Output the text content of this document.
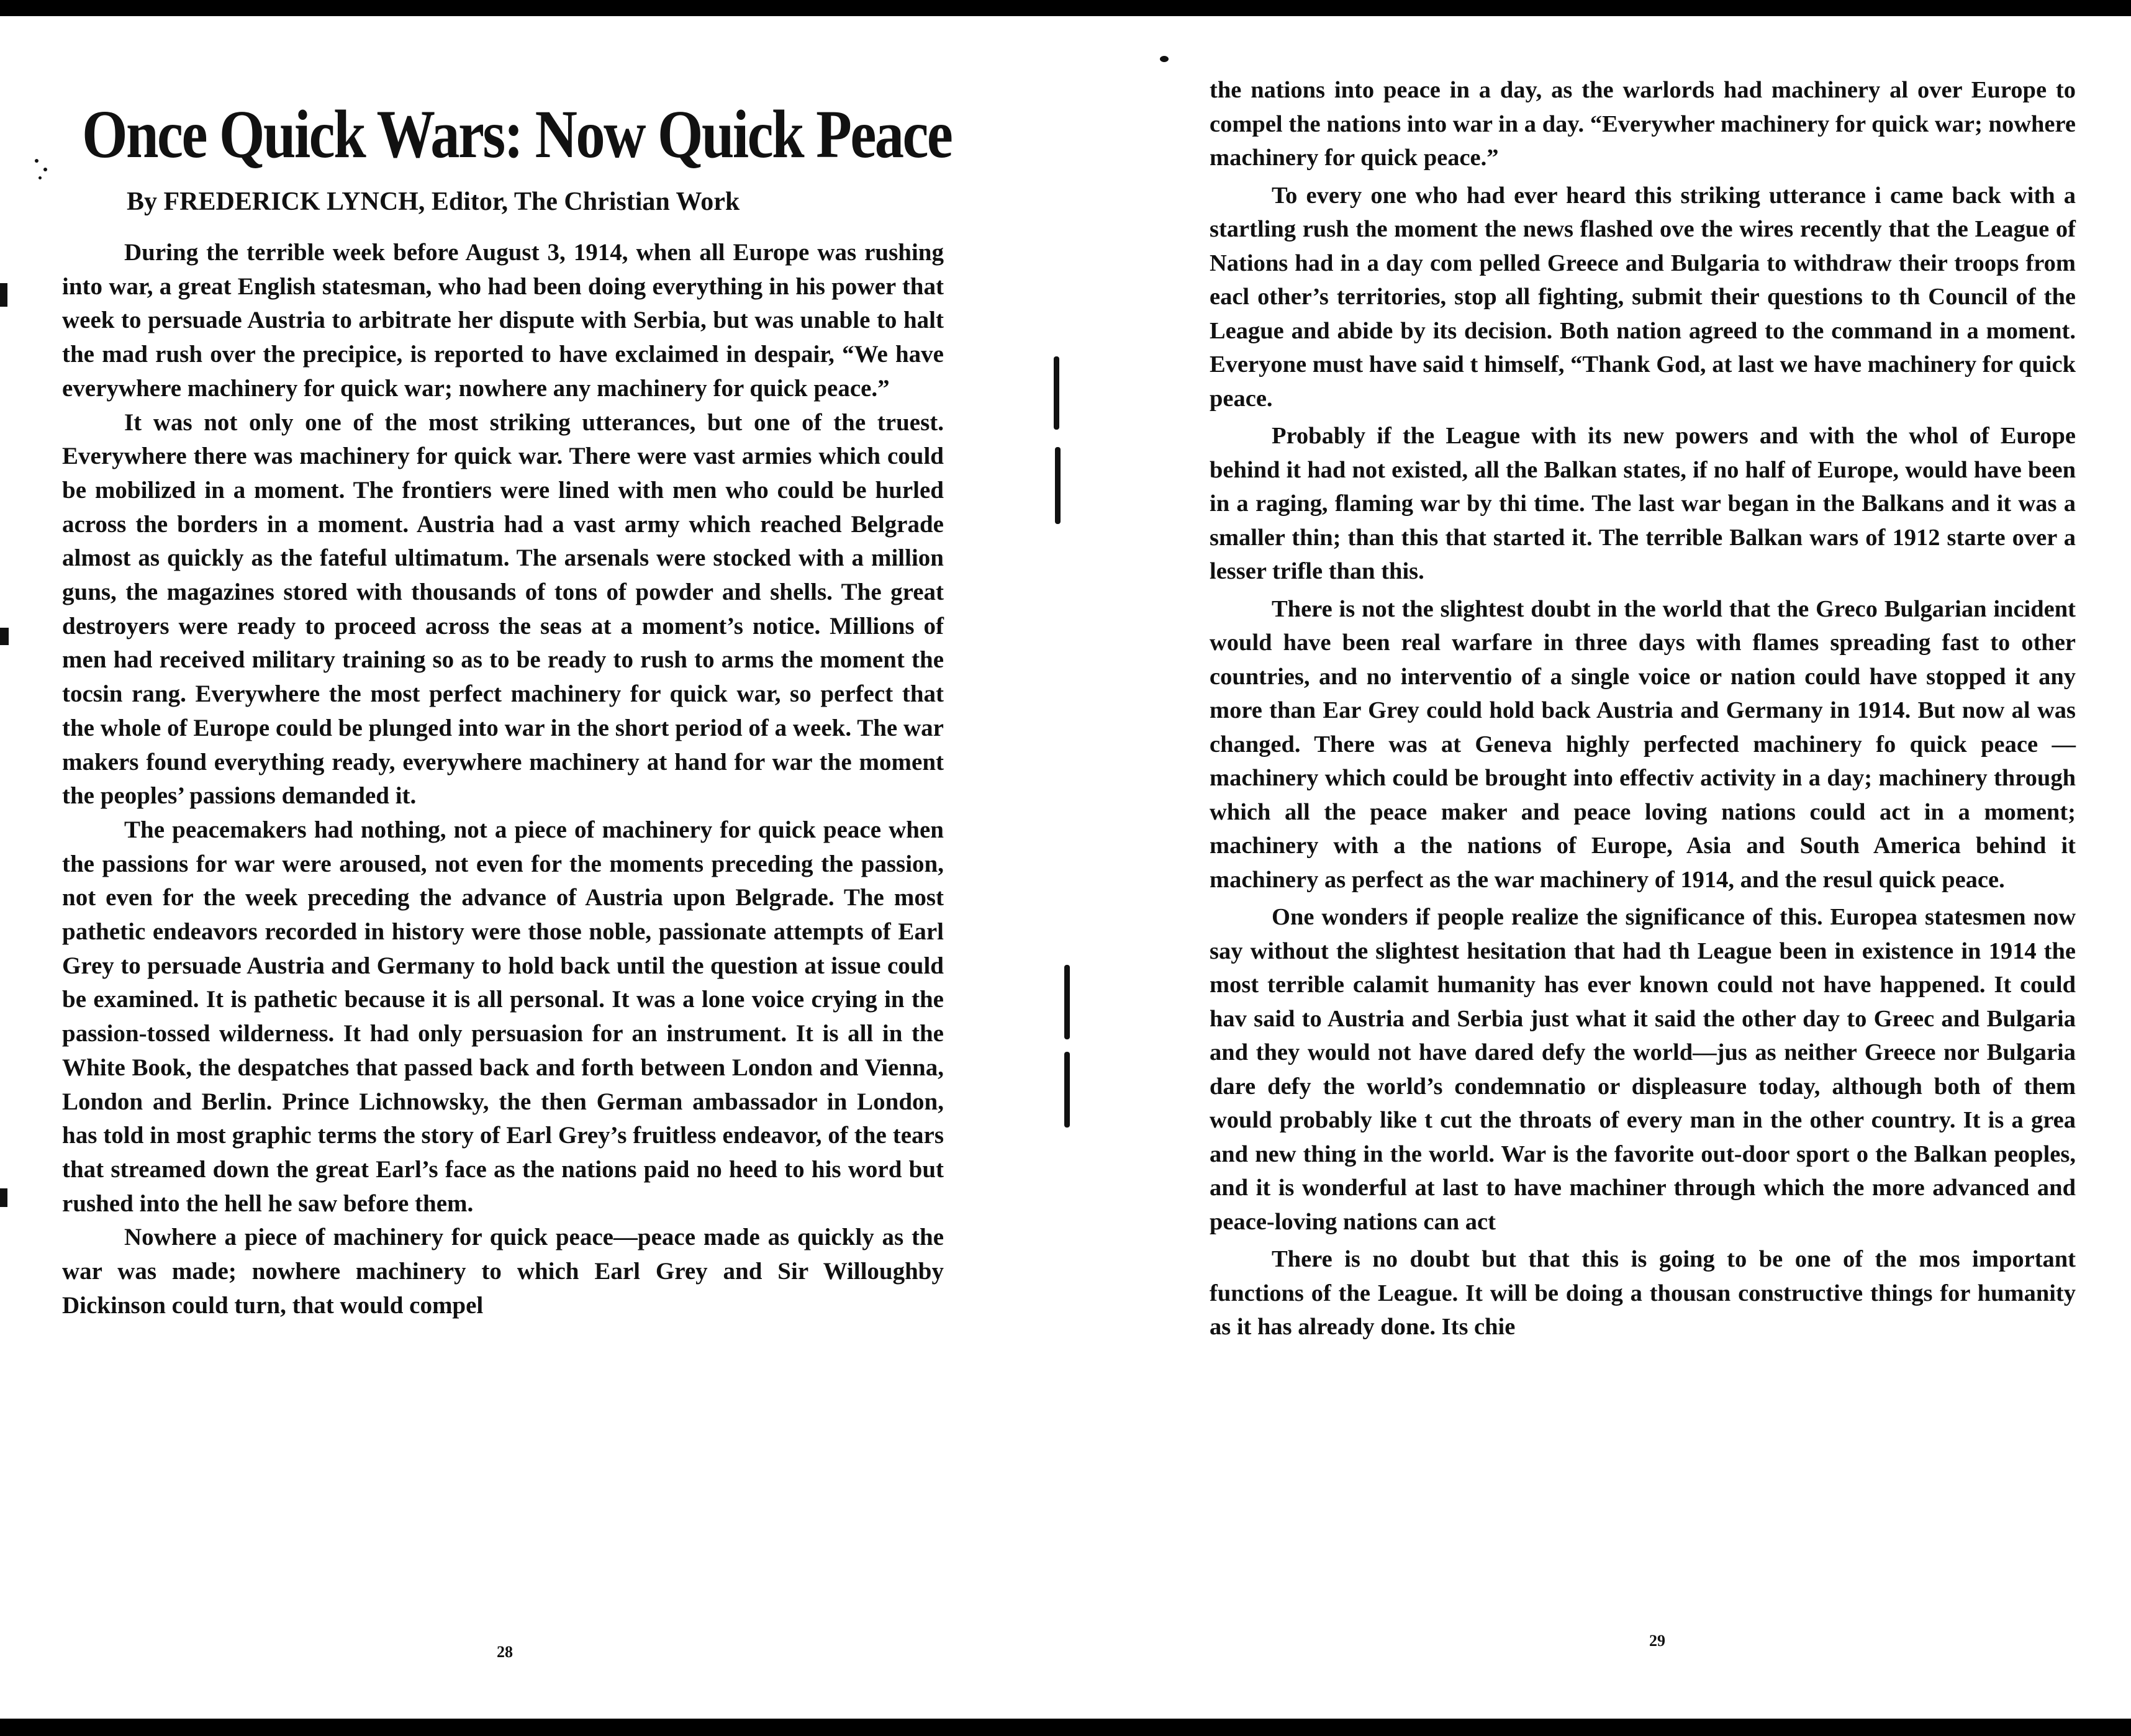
Once Quick Wars: Now Quick Peace
By FREDERICK LYNCH, Editor, The Christian Work

During the terrible week before August 3, 1914, when all Europe was rushing into war, a great English statesman, who had been doing everything in his power that week to persuade Austria to arbitrate her dispute with Serbia, but was unable to halt the mad rush over the precipice, is reported to have exclaimed in despair, “We have everywhere machinery for quick war; nowhere any machinery for quick peace.”

It was not only one of the most striking utterances, but one of the truest. Everywhere there was machinery for quick war. There were vast armies which could be mobilized in a moment. The frontiers were lined with men who could be hurled across the borders in a moment. Austria had a vast army which reached Belgrade almost as quickly as the fateful ultimatum. The arsenals were stocked with a million guns, the magazines stored with thousands of tons of powder and shells. The great destroyers were ready to proceed across the seas at a moment’s notice. Millions of men had received military training so as to be ready to rush to arms the moment the tocsin rang. Everywhere the most perfect machinery for quick war, so perfect that the whole of Europe could be plunged into war in the short period of a week. The war makers found everything ready, everywhere machinery at hand for war the moment the peoples’ passions demanded it.

The peacemakers had nothing, not a piece of machinery for quick peace when the passions for war were aroused, not even for the moments preceding the passion, not even for the week preceding the advance of Austria upon Belgrade. The most pathetic endeavors recorded in history were those noble, passionate attempts of Earl Grey to persuade Austria and Germany to hold back until the question at issue could be examined. It is pathetic because it is all personal. It was a lone voice crying in the passion-tossed wilderness. It had only persuasion for an instrument. It is all in the White Book, the despatches that passed back and forth between London and Vienna, London and Berlin. Prince Lichnowsky, the then German ambassador in London, has told in most graphic terms the story of Earl Grey’s fruitless endeavor, of the tears that streamed down the great Earl’s face as the nations paid no heed to his word but rushed into the hell he saw before them.

Nowhere a piece of machinery for quick peace—peace made as quickly as the war was made; nowhere machinery to which Earl Grey and Sir Willoughby Dickinson could turn, that would compel

the nations into peace in a day, as the warlords had machinery al over Europe to compel the nations into war in a day. “Everywher machinery for quick war; nowhere machinery for quick peace.”

To every one who had ever heard this striking utterance i came back with a startling rush the moment the news flashed ove the wires recently that the League of Nations had in a day com pelled Greece and Bulgaria to withdraw their troops from eacl other’s territories, stop all fighting, submit their questions to th Council of the League and abide by its decision. Both nation agreed to the command in a moment. Everyone must have said t himself, “Thank God, at last we have machinery for quick peace.

Probably if the League with its new powers and with the whol of Europe behind it had not existed, all the Balkan states, if no half of Europe, would have been in a raging, flaming war by thi time. The last war began in the Balkans and it was a smaller thin; than this that started it. The terrible Balkan wars of 1912 starte over a lesser trifle than this.

There is not the slightest doubt in the world that the Greco Bulgarian incident would have been real warfare in three days with flames spreading fast to other countries, and no interventio of a single voice or nation could have stopped it any more than Ear Grey could hold back Austria and Germany in 1914. But now al was changed. There was at Geneva highly perfected machinery fo quick peace — machinery which could be brought into effectiv activity in a day; machinery through which all the peace maker and peace loving nations could act in a moment; machinery with a the nations of Europe, Asia and South America behind it machinery as perfect as the war machinery of 1914, and the resul quick peace.

One wonders if people realize the significance of this. Europea statesmen now say without the slightest hesitation that had th League been in existence in 1914 the most terrible calamit humanity has ever known could not have happened. It could hav said to Austria and Serbia just what it said the other day to Greec and Bulgaria and they would not have dared defy the world—jus as neither Greece nor Bulgaria dare defy the world’s condemnatio or displeasure today, although both of them would probably like t cut the throats of every man in the other country. It is a grea and new thing in the world. War is the favorite out-door sport o the Balkan peoples, and it is wonderful at last to have machiner through which the more advanced and peace-loving nations can act

There is no doubt but that this is going to be one of the mos important functions of the League. It will be doing a thousan constructive things for humanity as it has already done. Its chie

28
29
